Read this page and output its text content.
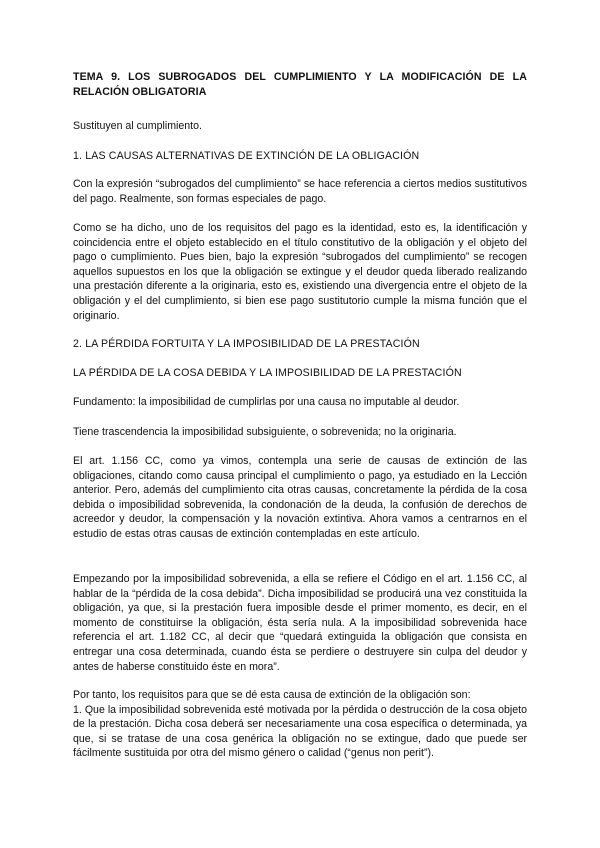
TEMA 9. LOS SUBROGADOS DEL CUMPLIMIENTO Y LA MODIFICACIÓN DE LA RELACIÓN OBLIGATORIA

Sustituyen al cumplimiento.

1. LAS CAUSAS ALTERNATIVAS DE EXTINCIÓN DE LA OBLIGACIÓN

Con la expresión “subrogados del cumplimiento” se hace referencia a ciertos medios sustitutivos del pago. Realmente, son formas especiales de pago.

Como se ha dicho, uno de los requisitos del pago es la identidad, esto es, la identificación y coincidencia entre el objeto establecido en el título constitutivo de la obligación y el objeto del pago o cumplimiento. Pues bien, bajo la expresión “subrogados del cumplimiento” se recogen aquellos supuestos en los que la obligación se extingue y el deudor queda liberado realizando una prestación diferente a la originaria, esto es, existiendo una divergencia entre el objeto de la obligación y el del cumplimiento, si bien ese pago sustitutorio cumple la misma función que el originario.

2. LA PÉRDIDA FORTUITA Y LA IMPOSIBILIDAD DE LA PRESTACIÓN

LA PÉRDIDA DE LA COSA DEBIDA Y LA IMPOSIBILIDAD DE LA PRESTACIÓN

Fundamento: la imposibilidad de cumplirlas por una causa no imputable al deudor.

Tiene trascendencia la imposibilidad subsiguiente, o sobrevenida; no la originaria.

El art. 1.156 CC, como ya vimos, contempla una serie de causas de extinción de las obligaciones, citando como causa principal el cumplimiento o pago, ya estudiado en la Lección anterior. Pero, además del cumplimiento cita otras causas, concretamente la pérdida de la cosa debida o imposibilidad sobrevenida, la condonación de la deuda, la confusión de derechos de acreedor y deudor, la compensación y la novación extintiva. Ahora vamos a centrarnos en el estudio de estas otras causas de extinción contempladas en este artículo.

Empezando por la imposibilidad sobrevenida, a ella se refiere el Código en el art. 1.156 CC, al hablar de la “pérdida de la cosa debida”. Dicha imposibilidad se producirá una vez constituida la obligación, ya que, si la prestación fuera imposible desde el primer momento, es decir, en el momento de constituirse la obligación, ésta sería nula. A la imposibilidad sobrevenida hace referencia el art. 1.182 CC, al decir que “quedará extinguida la obligación que consista en entregar una cosa determinada, cuando ésta se perdiere o destruyere sin culpa del deudor y antes de haberse constituido éste en mora”.

Por tanto, los requisitos para que se dé esta causa de extinción de la obligación son:
1. Que la imposibilidad sobrevenida esté motivada por la pérdida o destrucción de la cosa objeto de la prestación. Dicha cosa deberá ser necesariamente una cosa específica o determinada, ya que, si se tratase de una cosa genérica la obligación no se extingue, dado que puede ser fácilmente sustituida por otra del mismo género o calidad (“genus non perit”).
